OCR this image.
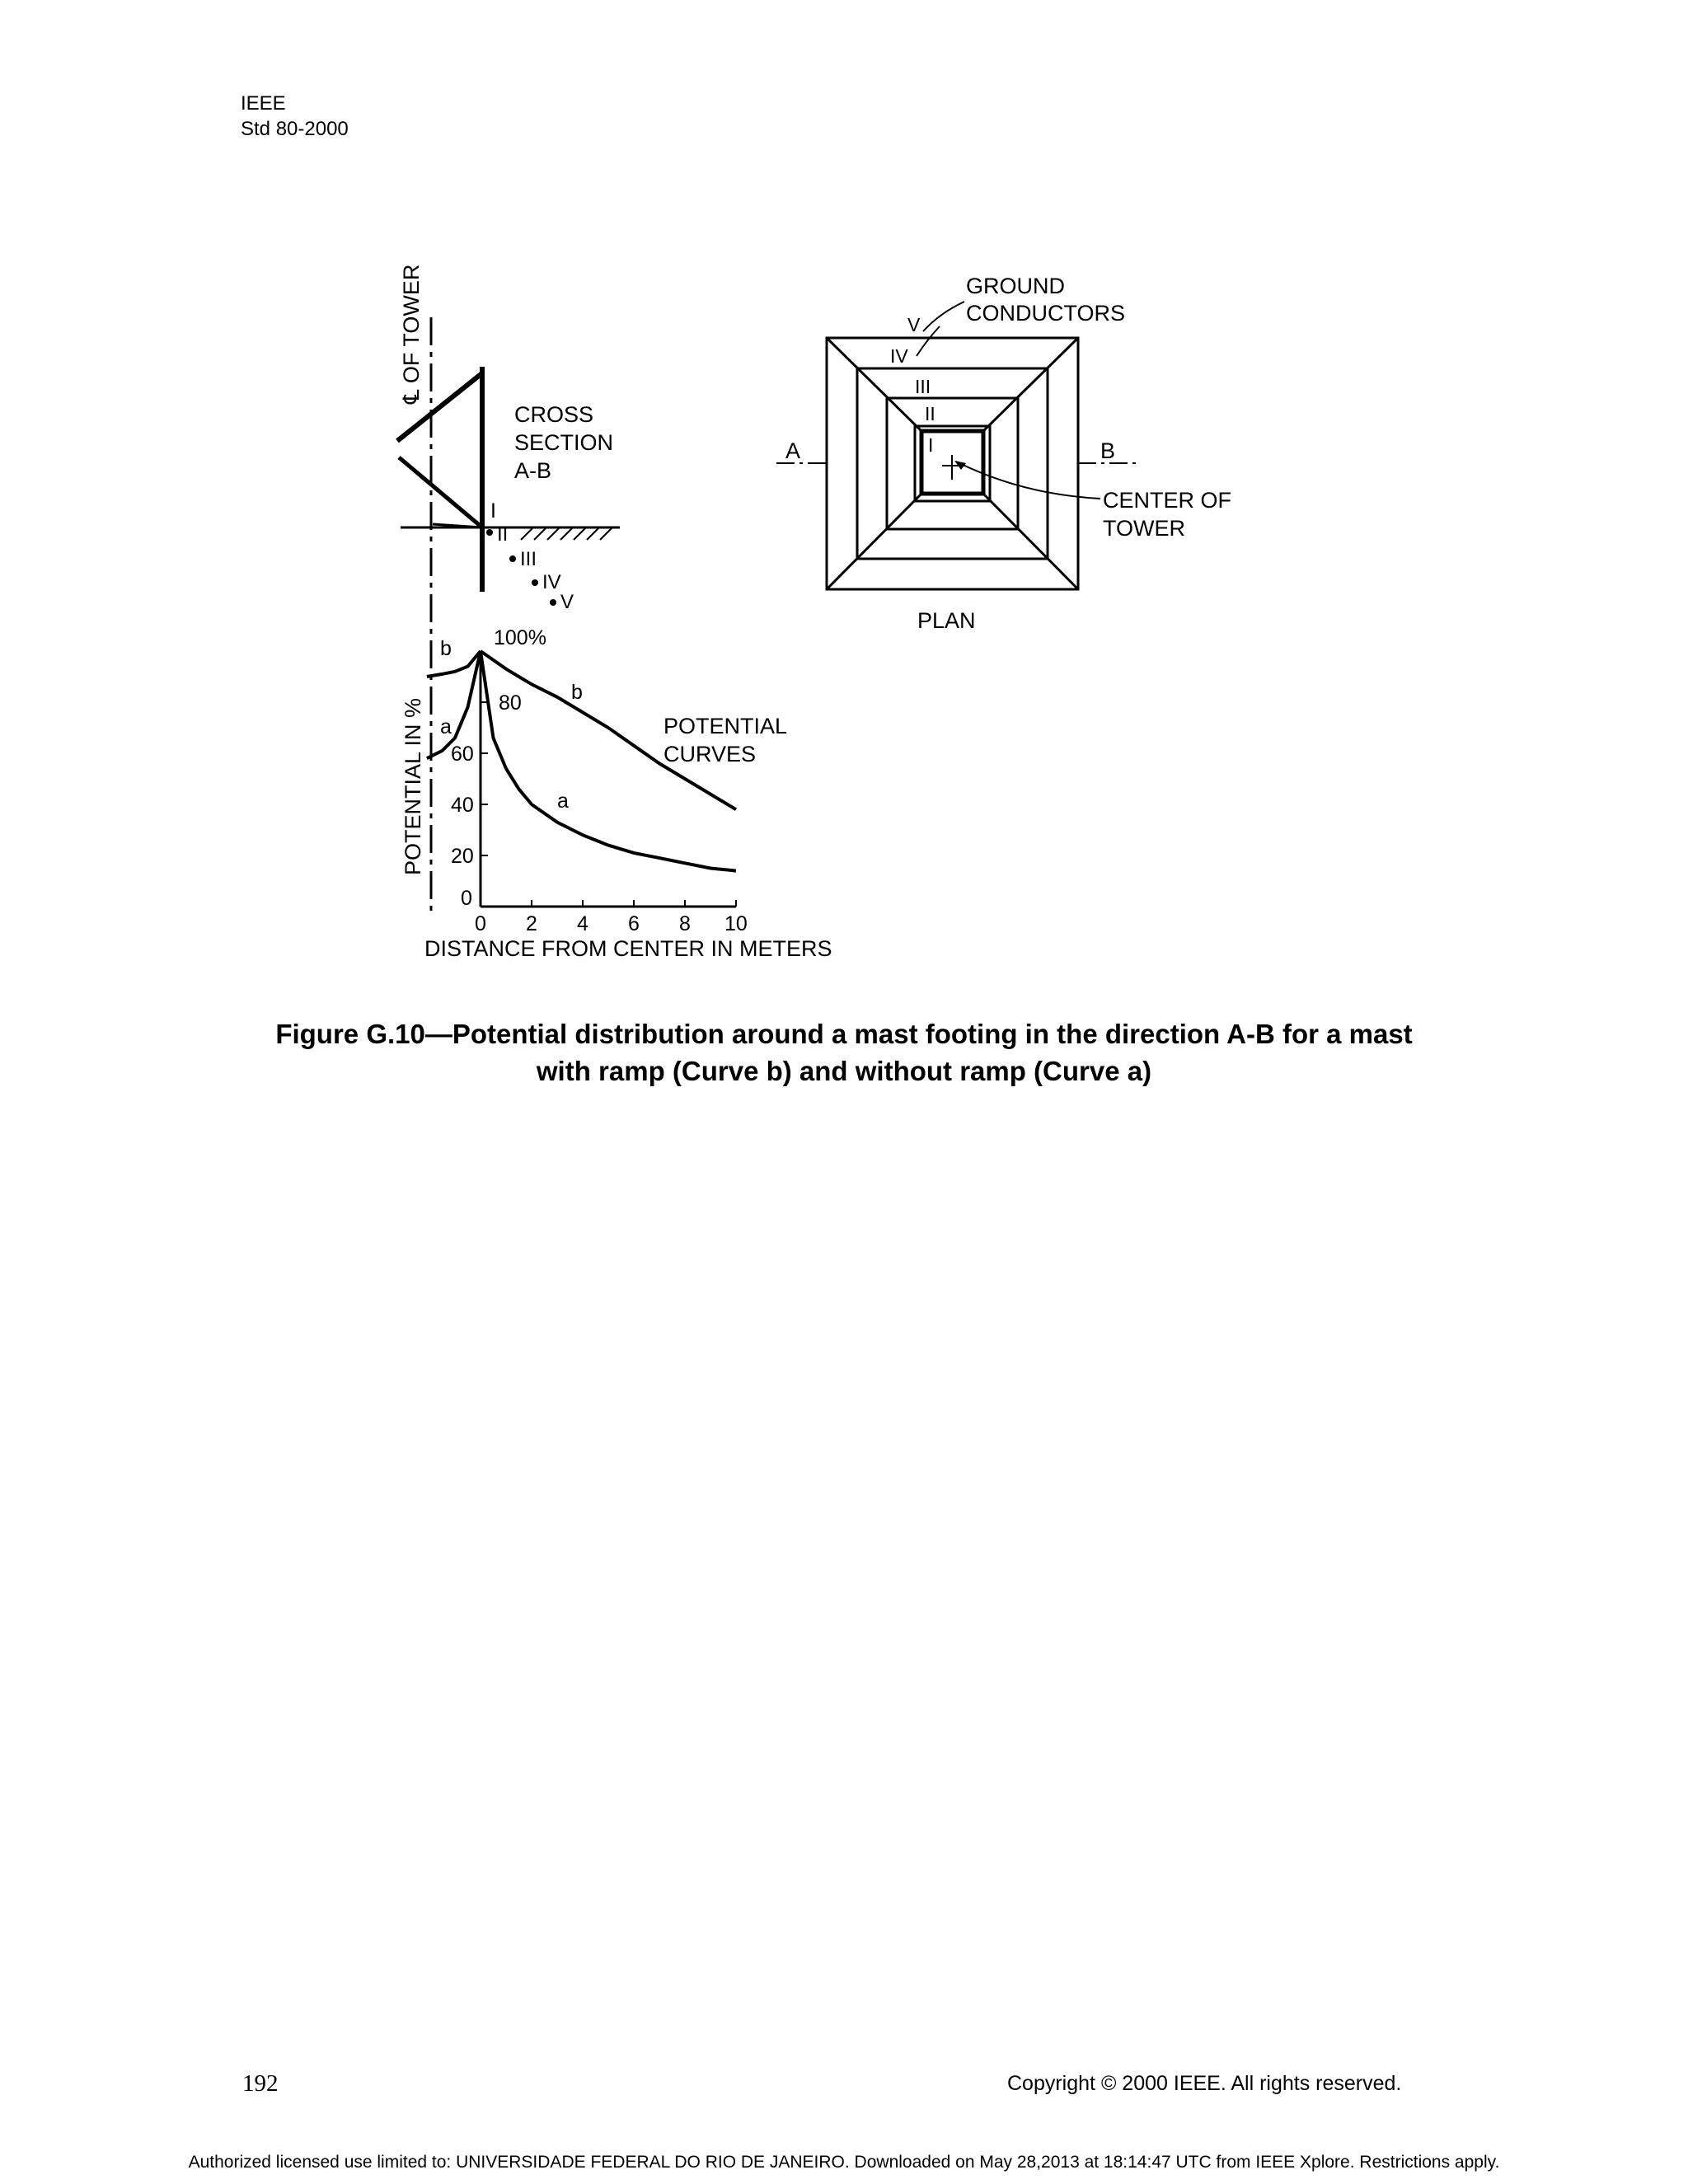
IEEE
Std 80-2000
℄ OF TOWER
CROSS
SECTION
A-B
I
II
III
IV
V
GROUND
CONDUCTORS
V
IV
III
II
I
CENTER OF
TOWER
A	B
PLAN
0
20
40
60
80
100%
0 2 4 6 8 10
POTENTIAL IN %
DISTANCE FROM CENTER IN METERS
b
a
b
a
POTENTIAL
CURVES
Figure G.10—Potential distribution around a mast footing in the direction A-B for a mast
with ramp (Curve b) and without ramp (Curve a)
192	Copyright © 2000 IEEE. All rights reserved.
Authorized licensed use limited to: UNIVERSIDADE FEDERAL DO RIO DE JANEIRO. Downloaded on May 28,2013 at 18:14:47 UTC from IEEE Xplore. Restrictions apply.
